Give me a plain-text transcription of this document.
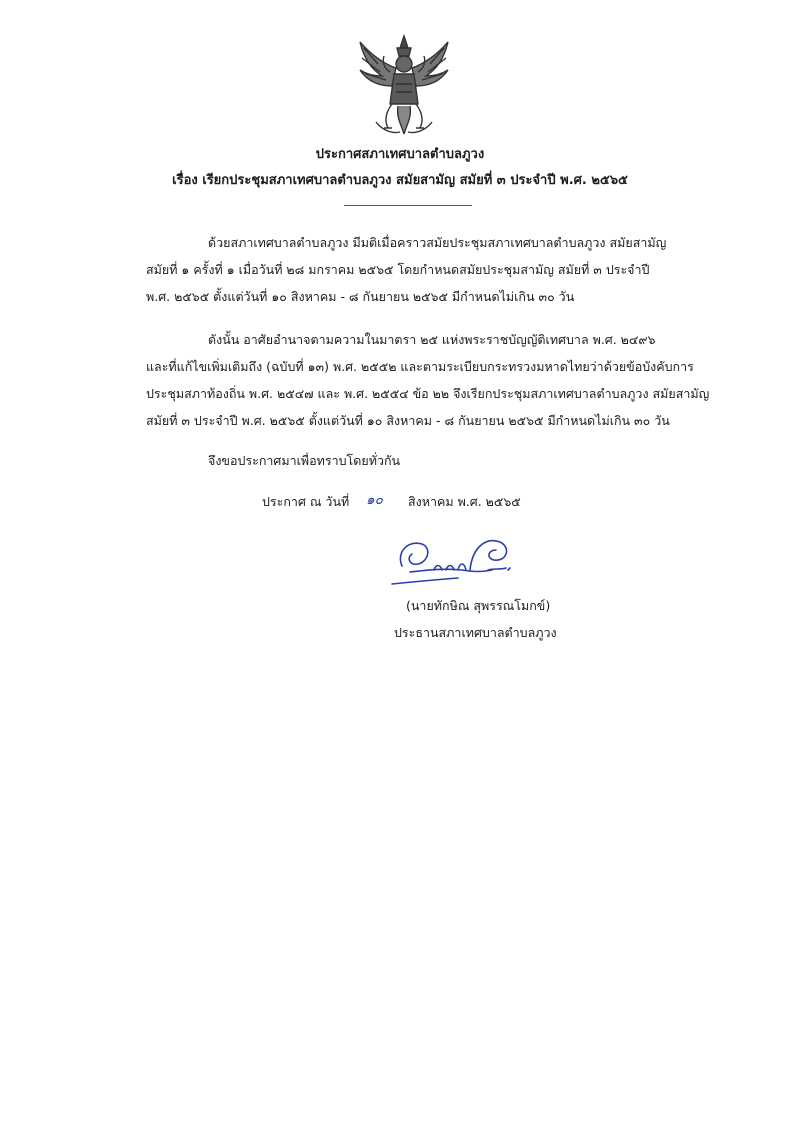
ประกาศสภาเทศบาลตำบลภูวง
เรื่อง เรียกประชุมสภาเทศบาลตำบลภูวง สมัยสามัญ สมัยที่ ๓ ประจำปี พ.ศ. ๒๕๖๕
ด้วยสภาเทศบาลตำบลภูวง มีมติเมื่อคราวสมัยประชุมสภาเทศบาลตำบลภูวง สมัยสามัญ
สมัยที่ ๑ ครั้งที่ ๑ เมื่อวันที่ ๒๘ มกราคม ๒๕๖๕ โดยกำหนดสมัยประชุมสามัญ สมัยที่ ๓ ประจำปี
พ.ศ. ๒๕๖๕ ตั้งแต่วันที่ ๑๐ สิงหาคม - ๘ กันยายน ๒๕๖๕ มีกำหนดไม่เกิน ๓๐ วัน
ดังนั้น อาศัยอำนาจตามความในมาตรา ๒๕ แห่งพระราชบัญญัติเทศบาล พ.ศ. ๒๔๙๖
และที่แก้ไขเพิ่มเติมถึง (ฉบับที่ ๑๓) พ.ศ. ๒๕๕๒ และตามระเบียบกระทรวงมหาดไทยว่าด้วยข้อบังคับการ
ประชุมสภาท้องถิ่น พ.ศ. ๒๕๔๗ และ พ.ศ. ๒๕๕๔ ข้อ ๒๒ จึงเรียกประชุมสภาเทศบาลตำบลภูวง สมัยสามัญ
สมัยที่ ๓ ประจำปี พ.ศ. ๒๕๖๕ ตั้งแต่วันที่ ๑๐ สิงหาคม - ๘ กันยายน ๒๕๖๕ มีกำหนดไม่เกิน ๓๐ วัน
จึงขอประกาศมาเพื่อทราบโดยทั่วกัน
ประกาศ ณ วันที่ ๑๐ สิงหาคม พ.ศ. ๒๕๖๕
(นายทักษิณ สุพรรณโมกข์)
ประธานสภาเทศบาลตำบลภูวง
